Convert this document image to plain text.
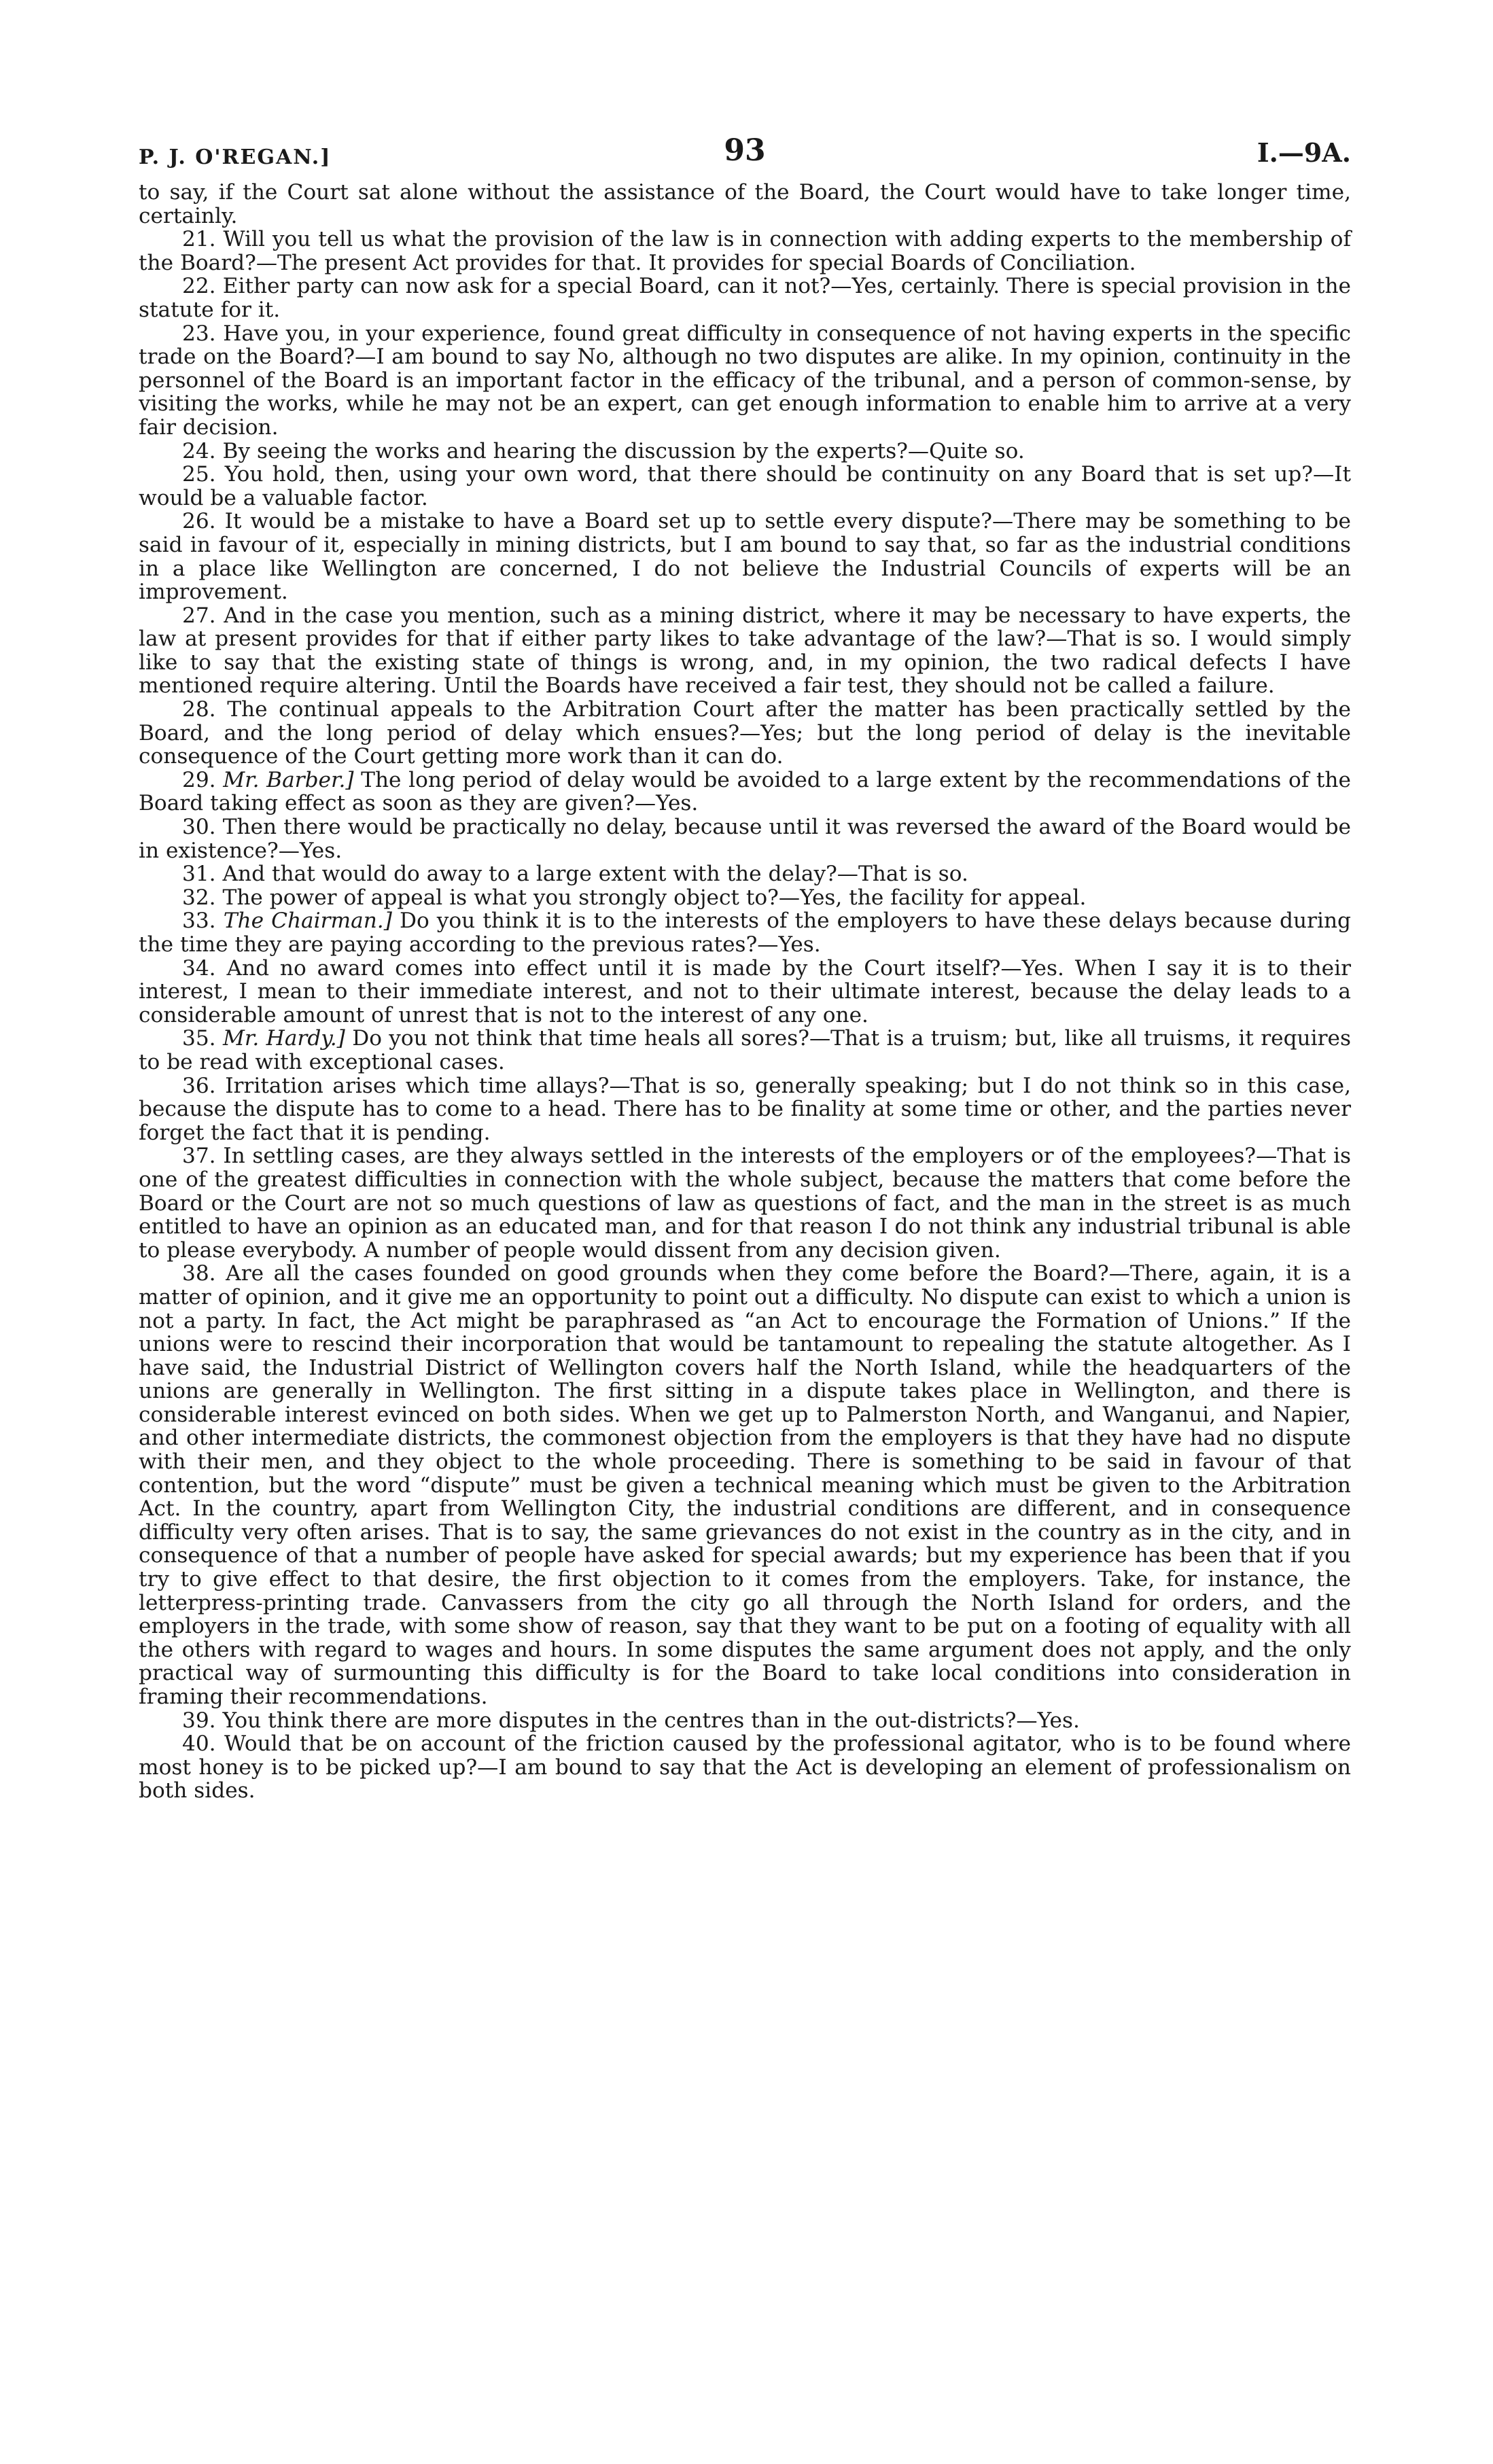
P. J. O'REGAN.]	93	I.—9A.

to say, if the Court sat alone without the assistance of the Board, the Court would have to take longer time, certainly.

21. Will you tell us what the provision of the law is in connection with adding experts to the membership of the Board?—The present Act provides for that. It provides for special Boards of Conciliation.

22. Either party can now ask for a special Board, can it not?—Yes, certainly. There is special provision in the statute for it.

23. Have you, in your experience, found great difficulty in consequence of not having experts in the specific trade on the Board?—I am bound to say No, although no two disputes are alike. In my opinion, continuity in the personnel of the Board is an important factor in the efficacy of the tribunal, and a person of common-sense, by visiting the works, while he may not be an expert, can get enough information to enable him to arrive at a very fair decision.

24. By seeing the works and hearing the discussion by the experts?—Quite so.

25. You hold, then, using your own word, that there should be continuity on any Board that is set up?—It would be a valuable factor.

26. It would be a mistake to have a Board set up to settle every dispute?—There may be something to be said in favour of it, especially in mining districts, but I am bound to say that, so far as the industrial conditions in a place like Wellington are concerned, I do not believe the Industrial Councils of experts will be an improvement.

27. And in the case you mention, such as a mining district, where it may be necessary to have experts, the law at present provides for that if either party likes to take advantage of the law?—That is so. I would simply like to say that the existing state of things is wrong, and, in my opinion, the two radical defects I have mentioned require altering. Until the Boards have received a fair test, they should not be called a failure.

28. The continual appeals to the Arbitration Court after the matter has been practically settled by the Board, and the long period of delay which ensues?—Yes; but the long period of delay is the inevitable consequence of the Court getting more work than it can do.

29. Mr. Barber.] The long period of delay would be avoided to a large extent by the recommendations of the Board taking effect as soon as they are given?—Yes.

30. Then there would be practically no delay, because until it was reversed the award of the Board would be in existence?—Yes.

31. And that would do away to a large extent with the delay?—That is so.

32. The power of appeal is what you strongly object to?—Yes, the facility for appeal.

33. The Chairman.] Do you think it is to the interests of the employers to have these delays because during the time they are paying according to the previous rates?—Yes.

34. And no award comes into effect until it is made by the Court itself?—Yes. When I say it is to their interest, I mean to their immediate interest, and not to their ultimate interest, because the delay leads to a considerable amount of unrest that is not to the interest of any one.

35. Mr. Hardy.] Do you not think that time heals all sores?—That is a truism; but, like all truisms, it requires to be read with exceptional cases.

36. Irritation arises which time allays?—That is so, generally speaking; but I do not think so in this case, because the dispute has to come to a head. There has to be finality at some time or other, and the parties never forget the fact that it is pending.

37. In settling cases, are they always settled in the interests of the employers or of the employees?—That is one of the greatest difficulties in connection with the whole subject, because the matters that come before the Board or the Court are not so much questions of law as questions of fact, and the man in the street is as much entitled to have an opinion as an educated man, and for that reason I do not think any industrial tribunal is able to please everybody. A number of people would dissent from any decision given.

38. Are all the cases founded on good grounds when they come before the Board?—There, again, it is a matter of opinion, and it give me an opportunity to point out a difficulty. No dispute can exist to which a union is not a party. In fact, the Act might be paraphrased as “an Act to encourage the Formation of Unions.” If the unions were to rescind their incorporation that would be tantamount to repealing the statute altogether. As I have said, the Industrial District of Wellington covers half the North Island, while the headquarters of the unions are generally in Wellington. The first sitting in a dispute takes place in Wellington, and there is considerable interest evinced on both sides. When we get up to Palmerston North, and Wanganui, and Napier, and other intermediate districts, the commonest objection from the employers is that they have had no dispute with their men, and they object to the whole proceeding. There is something to be said in favour of that contention, but the word “dispute” must be given a technical meaning which must be given to the Arbitration Act. In the country, apart from Wellington City, the industrial conditions are different, and in consequence difficulty very often arises. That is to say, the same grievances do not exist in the country as in the city, and in consequence of that a number of people have asked for special awards; but my experience has been that if you try to give effect to that desire, the first objection to it comes from the employers. Take, for instance, the letterpress-printing trade. Canvassers from the city go all through the North Island for orders, and the employers in the trade, with some show of reason, say that they want to be put on a footing of equality with all the others with regard to wages and hours. In some disputes the same argument does not apply, and the only practical way of surmounting this difficulty is for the Board to take local conditions into consideration in framing their recommendations.

39. You think there are more disputes in the centres than in the out-districts?—Yes.

40. Would that be on account of the friction caused by the professional agitator, who is to be found where most honey is to be picked up?—I am bound to say that the Act is developing an element of professionalism on both sides.
